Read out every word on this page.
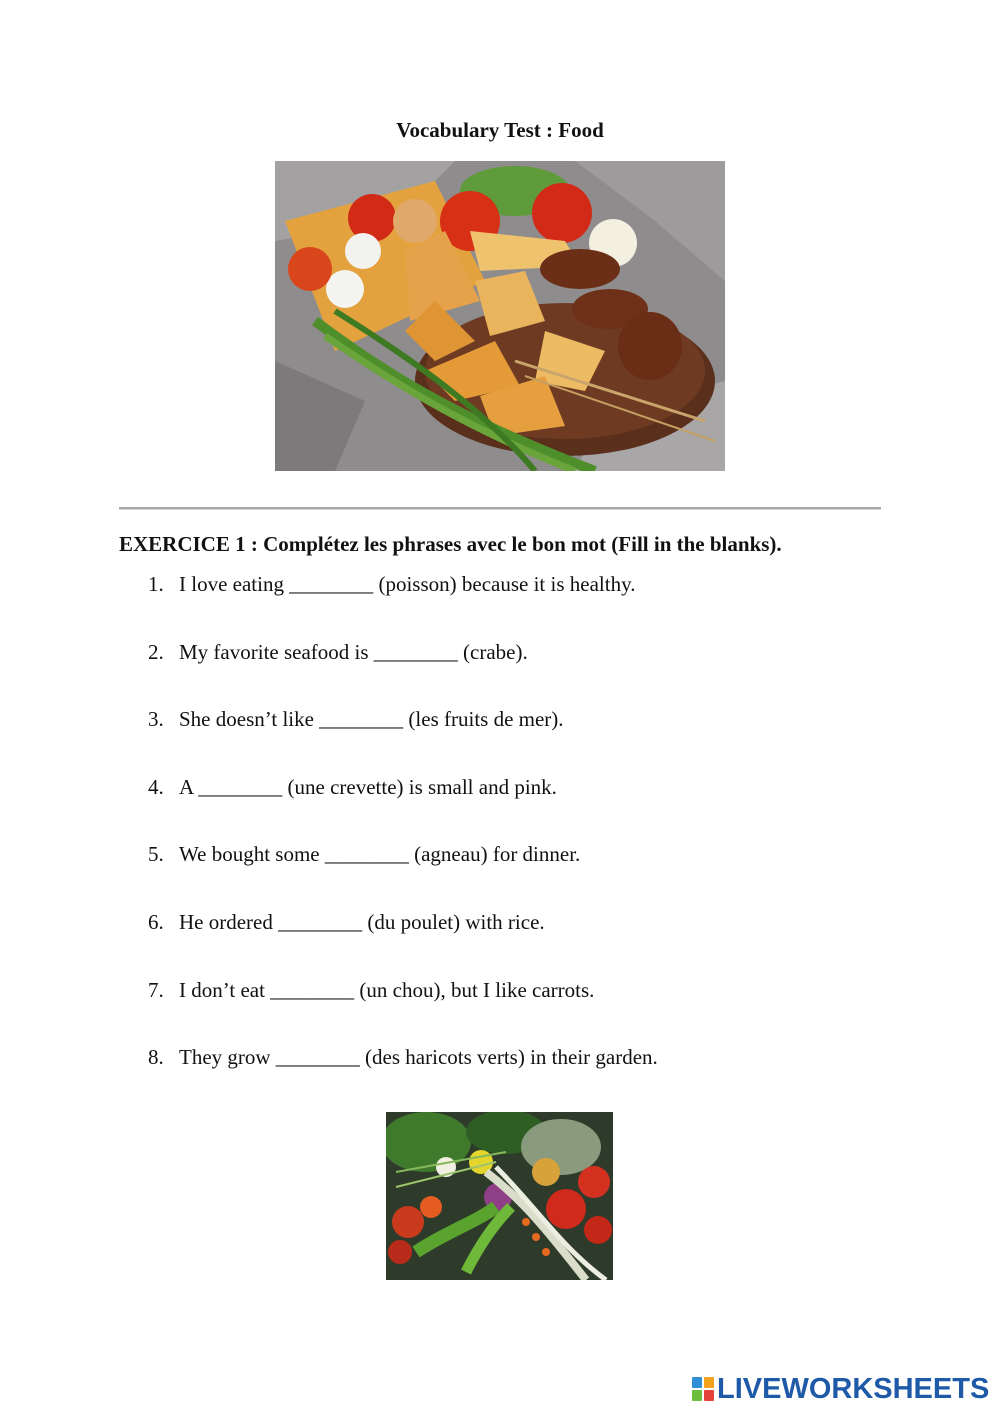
Vocabulary Test : Food
EXERCICE 1 : Complétez les phrases avec le bon mot (Fill in the blanks).
1. I love eating ________ (poisson) because it is healthy.
2. My favorite seafood is ________ (crabe).
3. She doesn’t like ________ (les fruits de mer).
4. A ________ (une crevette) is small and pink.
5. We bought some ________ (agneau) for dinner.
6. He ordered ________ (du poulet) with rice.
7. I don’t eat ________ (un chou), but I like carrots.
8. They grow ________ (des haricots verts) in their garden.
LIVEWORKSHEETS
